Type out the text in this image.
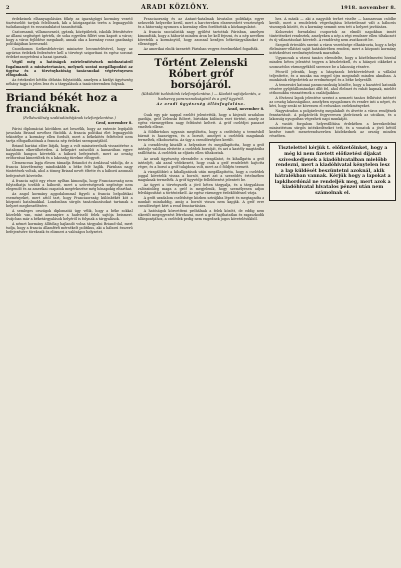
2	ARADI KÖZLÖNY.	1918. november 8.

érdekeinek elhanyagolására főkép az igazságügyi kormány vezető tisztviselőit tartjuk felelősnek, kik a közigazgatás terén a legnagyobb tudatlanságot és rosszindulatot tanusították.

Csatornamű, villamosvasút, gyárak, középületek, iskolák létesítésére az állami segítséget ígérték, de soha egyetlen fillért sem kapott a város; hogy a város fejlődése megakadt, annak oka a kormány rossz gazdasági politikájában keresendő.

Csonthomm Székesfehérvári miniszter becsmérlésével, hogy az agrárius érdekek fedezésére kell a törvényt szigorítani és egész sorozat érdeket megvédeni a hazai iparnak.

Végül még a hatóságok zsírtelenítésének módozatairól fogalmazott a minisztertanács, melynek soráni megállapodást az ügyész és a törvényhatóság tanácsnokai végérvényesen elfogadnak.

Az értekezlet hétfőn délután folytatódik, amelyen a királyi ügyészség néhány tagja is jelen lesz és a tárgyalások a tanácsteremben folynak.

Briand békét hoz a franciáknak.
(Felkészültség szaktudósítójának telefonjelentése.)
Genf, november 8.

Párisi diplomáciai körökben azt beszélik, hogy az entente legújabb javaslata Briand nevéhez fűződik. A francia politikai élet legnagyobb tekintélye a kormány ellen fordult, mert a békekötés feltételeit nem tartja elfogadhatónak a francia nép érdekei szempontjából.

Briand barátai előre látják, hogy a volt miniszterelnök visszatérése a hatalomra elkerülhetetlen. A békepárt szószólói a kamarában egyre nagyobb hangon követelik a háború befejezését, mert az ország erőforrásai kimerültek és a lakosság türelme elfogyott.

Clemenceau lapja élesen támadja Briandot és árulással vádolja, de a francia közvélemény mindinkább a béke felé hajlik. Párisban nagy tüntetések voltak, ahol a tömeg Briand nevét éltette és a háború azonnali befejezését követelte.

A francia sajtó egy része nyíltan kimondja, hogy Franciaország nem folytathatja tovább a háborút, mert a szövetségesek segítsége nem elegendő és az amerikai csapatok megérkezése még hónapokig eltarthat.

Az angol kormány aggodalommal figyeli a francia belpolitikai eseményeket, mert attól tart, hogy Franciaország különbékét köt a központi hatalmakkal. Londonban sürgős tanácskozásokat tartanak a helyzet megbeszélésére.

A semleges országok diplomatái úgy vélik, hogy a béke sokkal közelebb van, mint amennyire a hadviselő felek sajtója beismeri. Svájcban már a béketárgyalások helyéről is folynak a tárgyalások.

A német kormány állítólag hajlandó volna tárgyalni Briand-dal, mert tudja, hogy a francia államférfi mérsékelt politikus, aki a háború ésszerű befejezésére törekszik és elismeri a valóságos helyzetet.

Franciaország és az Antant-hatalmak hivatalos politikája egyre nehezebb helyzetbe kerül, mert a harctereken elszenvedett veszteségek és a hátország nyomora a kormány ellen fordították a közhangulatot.

A francia szocialisták nagy gyűlést tartottak Párisban, amelyen kimondták, hogy a háborút minden áron be kell fejezni, és a nép nevében követelik a kormánytól, hogy azonnal kezdjen béketárgyalásokat az ellenséggel.

Az amerikai elnök üzenetét Párisban vegyes érzelmekkel fogadták.

Tőrtént Zelenski Róbert gróf borsójáról.
(Kiküldött tudósítónk telefonjelentése.) — Kiadott sajtójelentés, a hadsereg parancsnokságáról és a gróf ügyéről.
Az aradi ügyészség állásfoglalása.
Arad, november 8.

Csak egy pár nappal ezelőtt jelentettük, hogy a kisjenői uradalom gazdája, gróf Zelenski Róbert, birtokán különös eset történt, amely az egész vármegyében nagy feltűnést keltett. A gróf cselédjei panaszt emeltek ellene.

A földbirtokos ugyanis megtiltotta, hogy a cselédség a termésből bármit is hazavigyen, és a borsót, amelyet a cselédek maguknak termeltek, elkoboztatta. Az ügy a csendőrséghez került.

A csendőrség kiszállt a helyszínre és megállapította, hogy a gróf intézője valóban elvitette a cselédek borsóját, és azt a kastély magtárába szállíttatta. A cselédek az eljárás ellen tiltakoztak.

Az aradi ügyészség elrendelte a vizsgálatot, és kihallgatta a gróf intézőjét, aki azzal védekezett, hogy csak a gróf rendeletét hajtotta végre, és a borsó a gróf tulajdona volt, mert az ő földjén termett.

A vizsgálóbíró a kihallgatások után megállapította, hogy a cselédek joggal követelik vissza a borsót, mert azt a szerződés értelmében maguknak termelték. A gróf ügyvédje fellebbezést jelentett be.

Az ügyet a törvényszék a jövő héten tárgyalja, és a tárgyaláson valószínűleg maga a gróf is megjelenik, hogy személyesen adjon felvilágosítást a történtekről. Az egész vármegye érdeklődéssel várja.

A grófi uradalom cselédsége közben sztrájkba lépett és megtagadta a munkát mindaddig, amíg a borsót vissza nem kapják. A gróf erre csendőrséget kért a rend fenntartására.

A hatóságok közvetíteni próbálnak a felek között, de eddig nem sikerült megegyezést létrehozni, mert a gróf hajthatatlan és ragaszkodik álláspontjához, a cselédek pedig nem engednek jogos követelésükből.

hez. A másik — aki a nagyobb terhet viselte — hamarosan csődbe került, mert a rendeletek végrehajtása lehetetlenné vált a háborús viszonyok között, és a kormány semmit sem tett a helyzet javítására.

Kolozsvári forradalmi csoportok az elmúlt napokban ismét tüntetéseket rendeztek, amelyeken a nép a régi rendszer ellen tiltakozott és új választásokat követelt. A rendőrség nem avatkozott be.

Szegedi értesülés szerint a város vezetősége elhatározta, hogy a helyi élelmiszer-ellátást saját hatáskörében rendezi, mert a központi kormány intézkedései eredménytelenek maradtak.

Ugyancsak a városi tanács elrendelte, hogy a közélelmezési hivatal minden héten jelentést tegyen a készletekről, és a hiányzó cikkeket a szomszédos vármegyékből szerezze be a lakosság részére.

Pécsről jelentik, hogy a bányászok bérköveteléseit a vállalat teljesítette, és a munka ma reggel újra megindult minden aknában. A munkások elégedettek az eredménnyel és a béke helyreállt.

A temesvári katonai parancsnokság közölte, hogy a hazatérő katonák részére gyűjtőállomásokat állít fel, ahol élelmet és ruhát kapnak, mielőtt otthonukba visszatérnek a családjaikhoz.

A fővárosi lapok jelentése szerint a nemzeti tanács felhívást intézett az ország lakosságához, amelyben nyugalomra és rendre inti a népet, és kéri, hogy senki se kövessen el erőszakos cselekményeket.

Nagyváradon a polgárőrség megalakult és átvette a város rendjének fenntartását. A polgárőrök fegyveresen járőröznek az utcákon, és a lakosság nyugodtan végezheti napi munkáját.

A vasúti forgalom helyreállítása érdekében a kereskedelmi minisztérium sürgős intézkedéseket tett, és a vonatok a jövő héttől kezdve ismét menetrendszerűen közlekednek az ország minden részében.

Tisztelettel kérjük t. előfizetőinket, hogy a még ki nem fizetett előfizetési díjakat szíveskedjenek a kiadóhivatalban mielőbb rendezni, mert a kiadóhivatal kénytelen lesz a lap küldését beszüntetni azoknál, akik hátralékban vannak. Kérjük hogy a lapokat a lapkihordónál ne rendeljék meg, mert azok a kiadóhivatal hivatalos pénzei után nem számolnak el.
